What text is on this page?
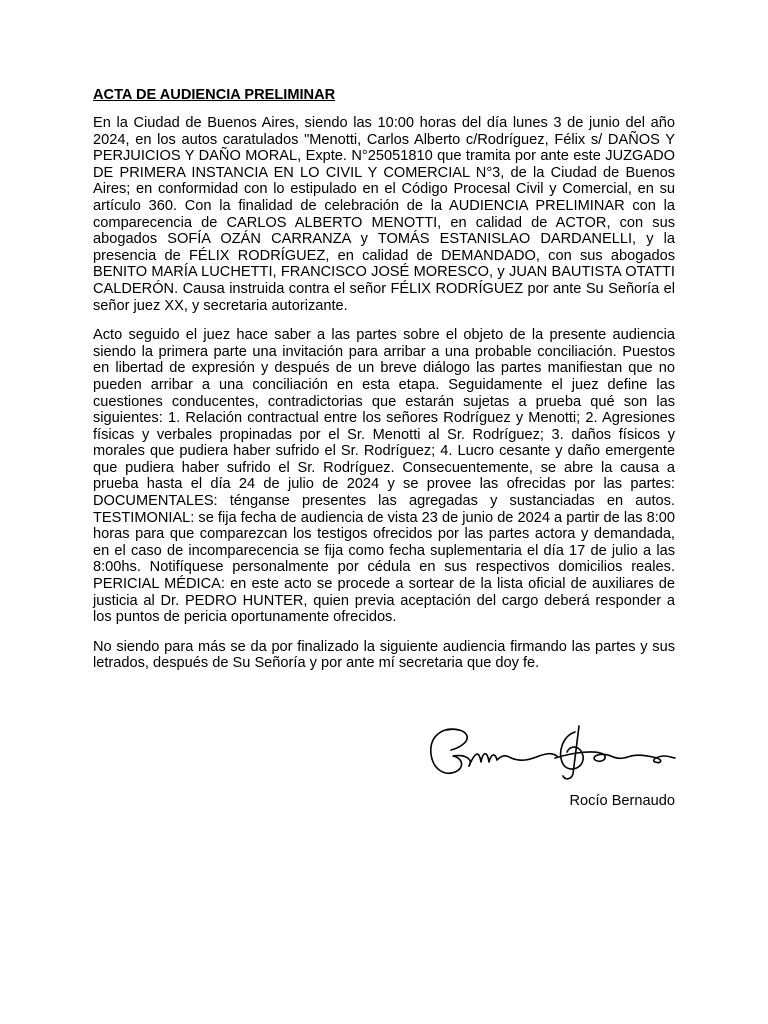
ACTA DE AUDIENCIA PRELIMINAR

En la Ciudad de Buenos Aires, siendo las 10:00 horas del día lunes 3 de junio del año 2024, en los autos caratulados "Menotti, Carlos Alberto c/Rodríguez, Félix s/ DAÑOS Y PERJUICIOS Y DAÑO MORAL, Expte. N°25051810 que tramita por ante este JUZGADO DE PRIMERA INSTANCIA EN LO CIVIL Y COMERCIAL N°3, de la Ciudad de Buenos Aires; en conformidad con lo estipulado en el Código Procesal Civil y Comercial, en su artículo 360. Con la finalidad de celebración de la AUDIENCIA PRELIMINAR con la comparecencia de CARLOS ALBERTO MENOTTI, en calidad de ACTOR, con sus abogados SOFÍA OZÁN CARRANZA y TOMÁS ESTANISLAO DARDANELLI, y la presencia de FÉLIX RODRÍGUEZ, en calidad de DEMANDADO, con sus abogados BENITO MARÍA LUCHETTI, FRANCISCO JOSÉ MORESCO, y JUAN BAUTISTA OTATTI CALDERÓN. Causa instruida contra el señor FÉLIX RODRÍGUEZ por ante Su Señoría el señor juez XX, y secretaria autorizante.

Acto seguido el juez hace saber a las partes sobre el objeto de la presente audiencia siendo la primera parte una invitación para arribar a una probable conciliación. Puestos en libertad de expresión y después de un breve diálogo las partes manifiestan que no pueden arribar a una conciliación en esta etapa. Seguidamente el juez define las cuestiones conducentes, contradictorias que estarán sujetas a prueba qué son las siguientes: 1. Relación contractual entre los señores Rodríguez y Menotti; 2. Agresiones físicas y verbales propinadas por el Sr. Menotti al Sr. Rodríguez; 3. daños físicos y morales que pudiera haber sufrido el Sr. Rodríguez; 4. Lucro cesante y daño emergente que pudiera haber sufrido el Sr. Rodríguez. Consecuentemente, se abre la causa a prueba hasta el día 24 de julio de 2024 y se provee las ofrecidas por las partes: DOCUMENTALES: ténganse presentes las agregadas y sustanciadas en autos. TESTIMONIAL: se fija fecha de audiencia de vista 23 de junio de 2024 a partir de las 8:00 horas para que comparezcan los testigos ofrecidos por las partes actora y demandada, en el caso de incomparecencia se fija como fecha suplementaria el día 17 de julio a las 8:00hs. Notifíquese personalmente por cédula en sus respectivos domicilios reales. PERICIAL MÉDICA: en este acto se procede a sortear de la lista oficial de auxiliares de justicia al Dr. PEDRO HUNTER, quien previa aceptación del cargo deberá responder a los puntos de pericia oportunamente ofrecidos.

No siendo para más se da por finalizado la siguiente audiencia firmando las partes y sus letrados, después de Su Señoría y por ante mí secretaria que doy fe.

Rocío Bernaudo
